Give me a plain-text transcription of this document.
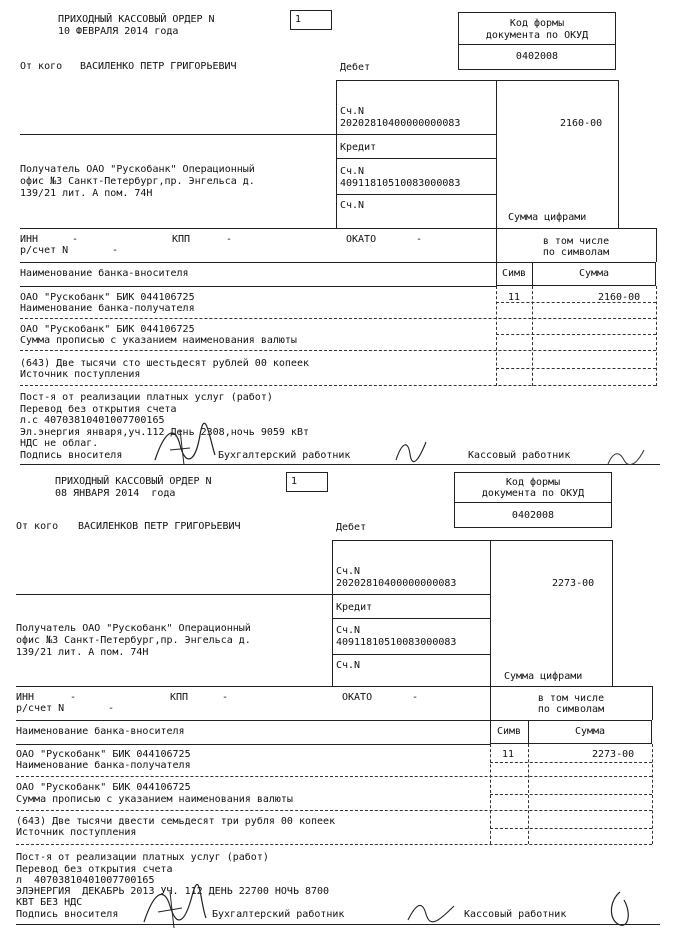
ПРИХОДНЫЙ КАССОВЫЙ ОРДЕР N	1
10 ФЕВРАЛЯ 2014 года
Код формы
документа по ОКУД
0402008
От кого ВАСИЛЕНКО ПЕТР ГРИГОРЬЕВИЧ	Дебет
Сч.N
20202810400000000083	2160-00
Кредит
Получатель ОАО "Рускобанк" Операционный
офис №3 Санкт-Петербург,пр. Энгельса д.
139/21 лит. А пом. 74Н
Сч.N
40911810510083000083
Сч.N
Сумма цифрами
ИНН	-	КПП	-	ОКАТО	-
р/счет N	-
в том числе
по символам
Наименование банка-вносителя	Симв	Сумма
ОАО "Рускобанк" БИК 044106725	11	2160-00
Наименование банка-получателя
ОАО "Рускобанк" БИК 044106725
Сумма прописью с указанием наименования валюты
(643) Две тысячи сто шестьдесят рублей 00 копеек
Источник поступления
Пост-я от реализации платных услуг (работ)
Перевод без открытия счета
л.с 40703810401007700165
Эл.энергия января,уч.112 День 2308,ночь 9059 кВт
НДС не облаг.
Подпись вносителя	Бухгалтерский работник	Кассовый работник
ПРИХОДНЫЙ КАССОВЫЙ ОРДЕР N	1
08 ЯНВАРЯ 2014  года
Код формы
документа по ОКУД
0402008
От кого ВАСИЛЕНКОВ ПЕТР ГРИГОРЬЕВИЧ	Дебет
Сч.N
20202810400000000083	2273-00
Кредит
Получатель ОАО "Рускобанк" Операционный
офис №3 Санкт-Петербург,пр. Энгельса д.
139/21 лит. А пом. 74Н
Сч.N
40911810510083000083
Сч.N
Сумма цифрами
ИНН	-	КПП	-	ОКАТО	-
р/счет N	-
в том числе
по символам
Наименование банка-вносителя	Симв	Сумма
ОАО "Рускобанк" БИК 044106725	11	2273-00
Наименование банка-получателя
ОАО "Рускобанк" БИК 044106725
Сумма прописью с указанием наименования валюты
(643) Две тысячи двести семьдесят три рубля 00 копеек
Источник поступления
Пост-я от реализации платных услуг (работ)
Перевод без открытия счета
л  40703810401007700165
ЭЛЭНЕРГИЯ  ДЕКАБРЬ 2013 УЧ. 112 ДЕНЬ 22700 НОЧЬ 8700
КВТ БЕЗ НДС
Подпись вносителя	Бухгалтерский работник	Кассовый работник
